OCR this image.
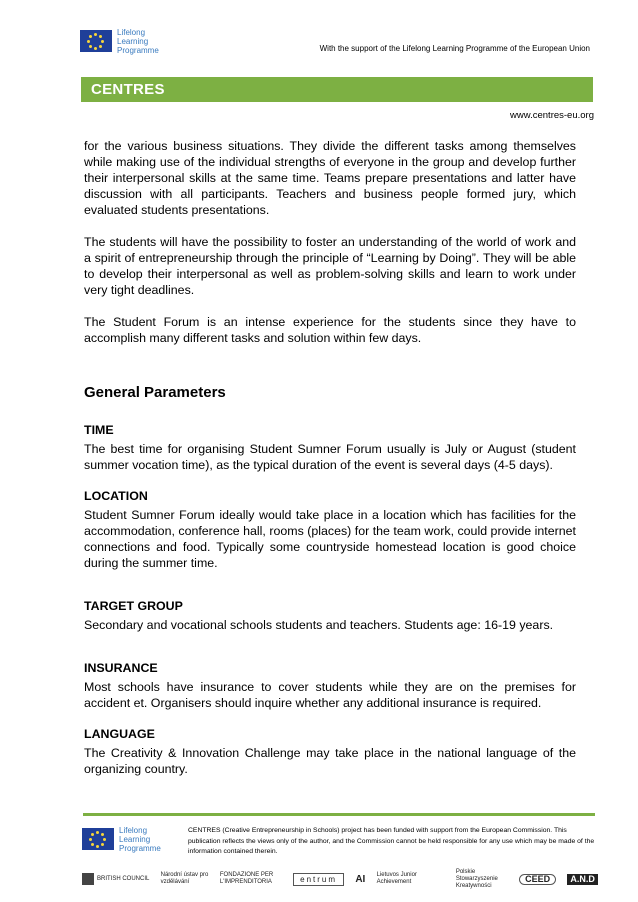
Lifelong
Learning
Programme	With the support of the Lifelong Learning Programme of the European Union
CENTRES
www.centres-eu.org

for the various business situations. They divide the different tasks among themselves while making use of the individual strengths of everyone in the group and develop further their interpersonal skills at the same time. Teams prepare presentations and latter have discussion with all participants. Teachers and business people formed jury, which evaluated students presentations.

The students will have the possibility to foster an understanding of the world of work and a spirit of entrepreneurship through the principle of “Learning by Doing”. They will be able to develop their interpersonal as well as problem-solving skills and learn to work under very tight deadlines.

The Student Forum is an intense experience for the students since they have to accomplish many different tasks and solution within few days.

General Parameters
TIME

The best time for organising Student Sumner Forum usually is July or August (student summer vocation time), as the typical duration of the event is several days (4-5 days).

LOCATION

Student Sumner Forum ideally would take place in a location which has facilities for the accommodation, conference hall, rooms (places) for the team work, could provide internet connections and food. Typically some countryside homestead location is good choice during the summer time.

TARGET GROUP

Secondary and vocational schools students and teachers. Students age: 16-19 years.

INSURANCE

Most schools have insurance to cover students while they are on the premises for accident et. Organisers should inquire whether any additional insurance is required.

LANGUAGE

The Creativity & Innovation Challenge may take place in the national language of the organizing country.

Lifelong
Learning
Programme
CENTRES (Creative Entrepreneurship in Schools) project has been funded with support from the European Commission. This publication reflects the views only of the author, and the Commission cannot be held responsible for any use which may be made of the information contained therein.
BRITISH COUNCIL
Národní ústav pro vzdělávání
FONDAZIONE PER L'IMPRENDITORIA	entrum	AI Lietuvos Junior Achievement
Polskie Stowarzyszenie Kreatywności
CEED	A.N.D
